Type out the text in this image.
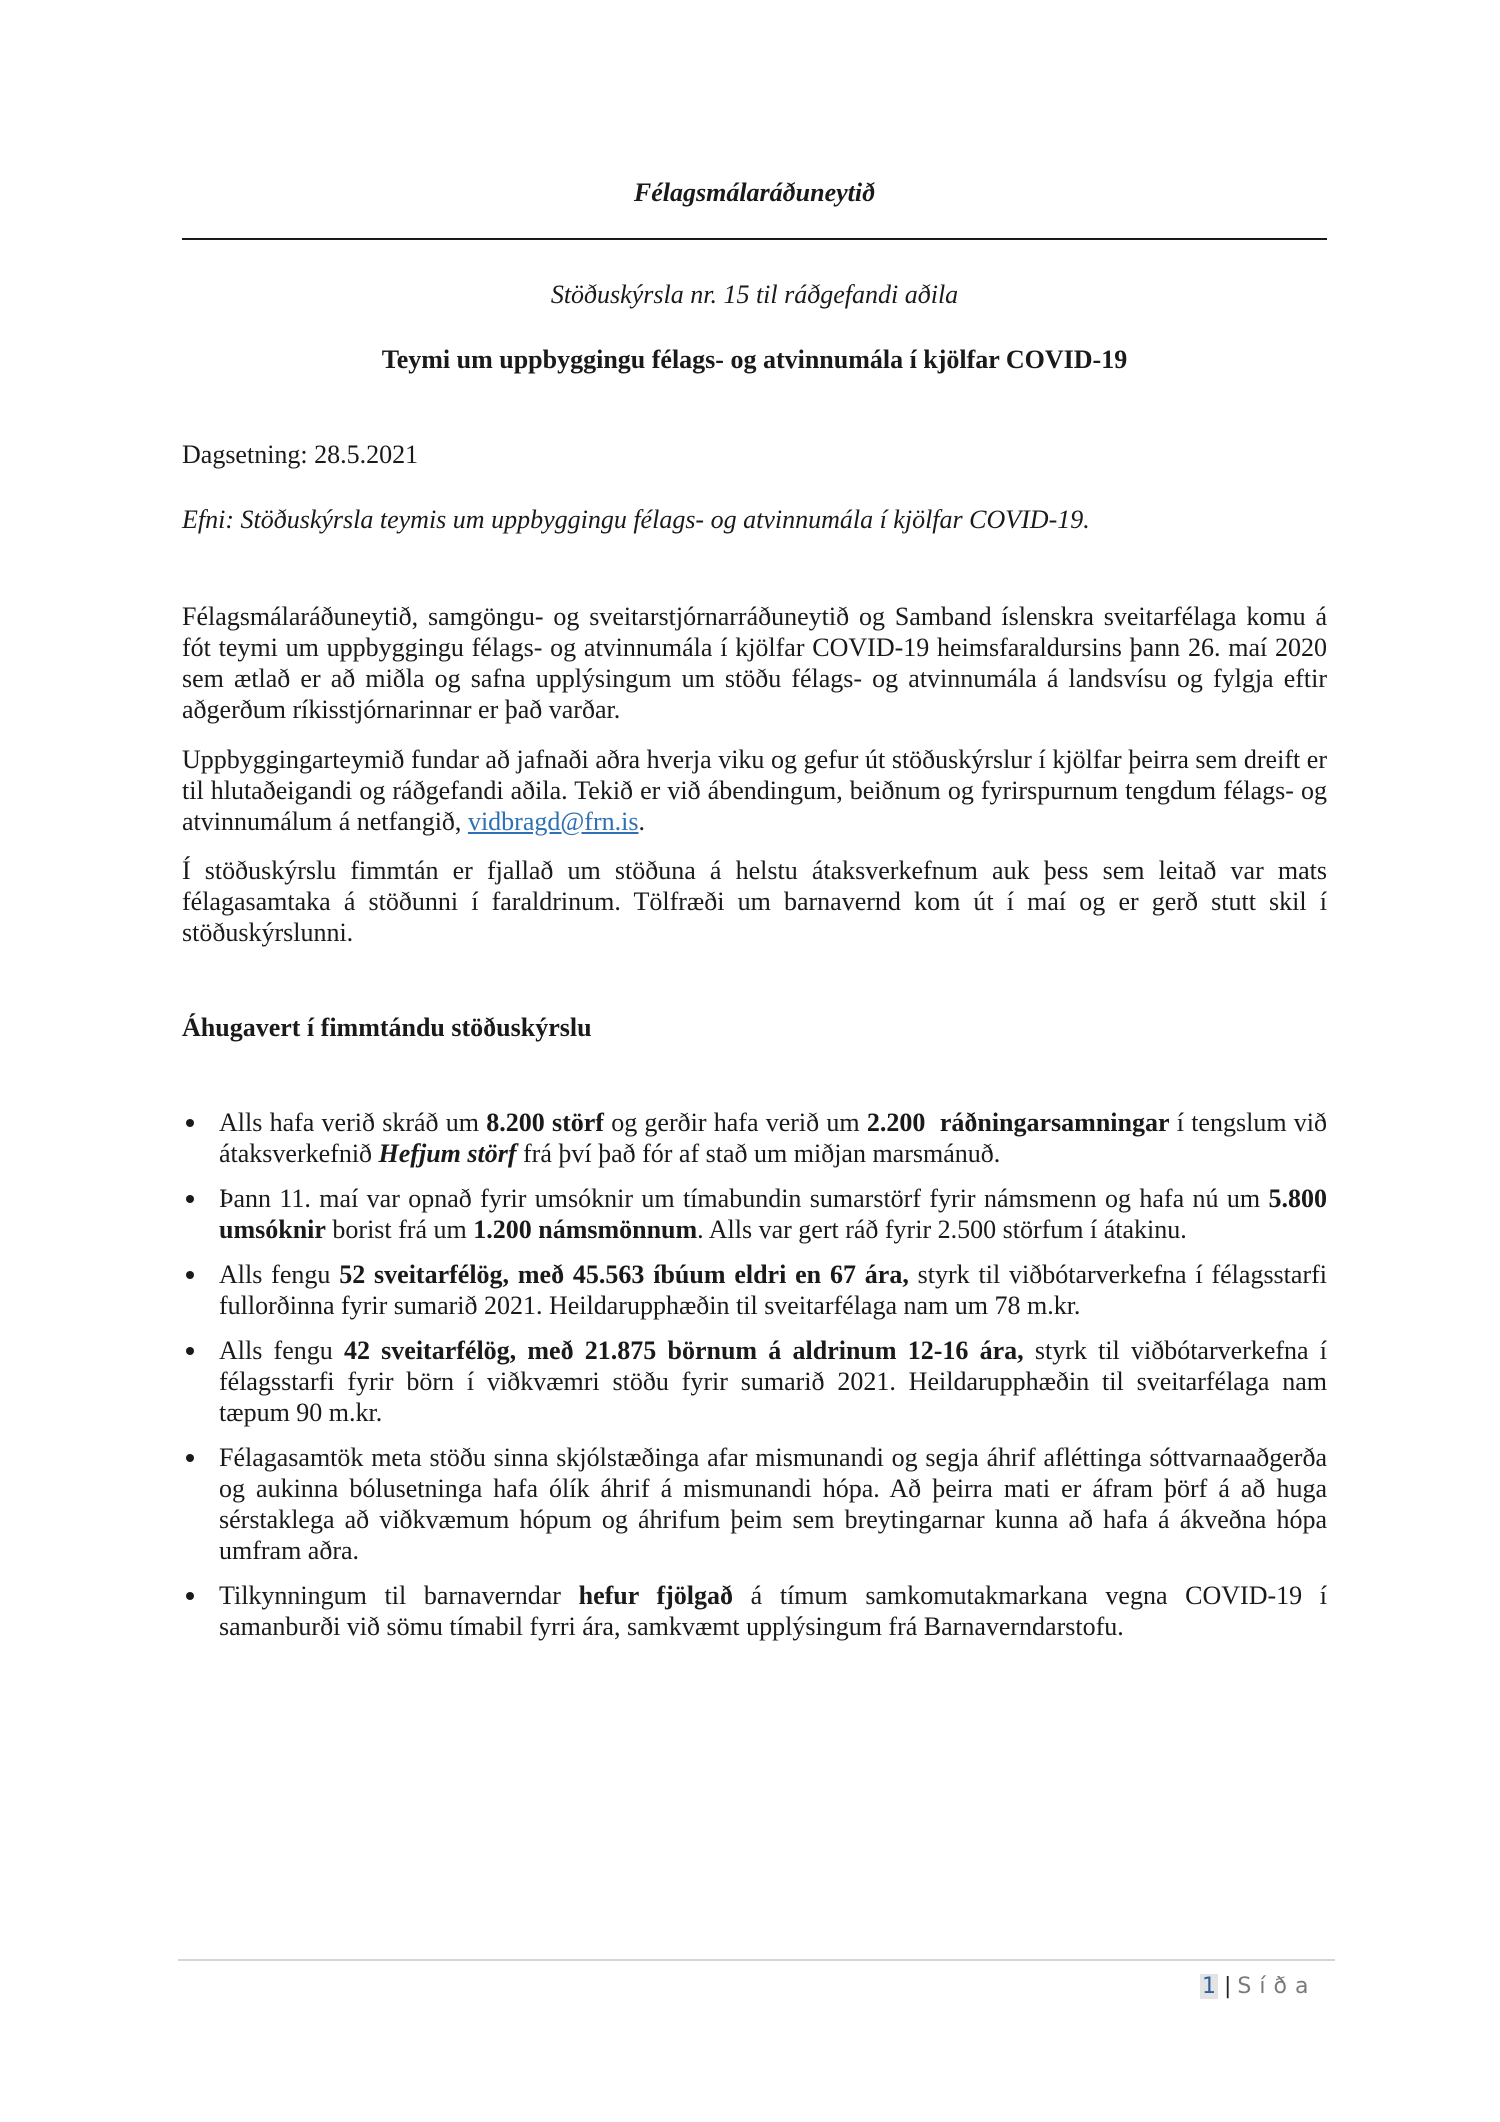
Félagsmálaráðuneytið
Stöðuskýrsla nr. 15 til ráðgefandi aðila
Teymi um uppbyggingu félags- og atvinnumála í kjölfar COVID-19
Dagsetning: 28.5.2021
Efni: Stöðuskýrsla teymis um uppbyggingu félags- og atvinnumála í kjölfar COVID-19.
Félagsmálaráðuneytið, samgöngu- og sveitarstjórnarráðuneytið og Samband íslenskra sveitarfélaga komu á fót teymi um uppbyggingu félags- og atvinnumála í kjölfar COVID-19 heimsfaraldursins þann 26. maí 2020 sem ætlað er að miðla og safna upplýsingum um stöðu félags- og atvinnumála á landsvísu og fylgja eftir aðgerðum ríkisstjórnarinnar er það varðar.
Uppbyggingarteymið fundar að jafnaði aðra hverja viku og gefur út stöðuskýrslur í kjölfar þeirra sem dreift er til hlutaðeigandi og ráðgefandi aðila. Tekið er við ábendingum, beiðnum og fyrirspurnum tengdum félags- og atvinnumálum á netfangið, vidbragd@frn.is.
Í stöðuskýrslu fimmtán er fjallað um stöðuna á helstu átaksverkefnum auk þess sem leitað var mats félagasamtaka á stöðunni í faraldrinum. Tölfræði um barnavernd kom út í maí og er gerð stutt skil í stöðuskýrslunni.
Áhugavert í fimmtándu stöðuskýrslu
Alls hafa verið skráð um 8.200 störf og gerðir hafa verið um 2.200  ráðningarsamningar í tengslum við átaksverkefnið Hefjum störf frá því það fór af stað um miðjan marsmánuð.
Þann 11. maí var opnað fyrir umsóknir um tímabundin sumarstörf fyrir námsmenn og hafa nú um 5.800 umsóknir borist frá um 1.200 námsmönnum. Alls var gert ráð fyrir 2.500 störfum í átakinu.
Alls fengu 52 sveitarfélög, með 45.563 íbúum eldri en 67 ára, styrk til viðbótarverkefna í félagsstarfi fullorðinna fyrir sumarið 2021. Heildarupphæðin til sveitarfélaga nam um 78 m.kr.
Alls fengu 42 sveitarfélög, með 21.875 börnum á aldrinum 12-16 ára, styrk til viðbótarverkefna í félagsstarfi fyrir börn í viðkvæmri stöðu fyrir sumarið 2021. Heildarupphæðin til sveitarfélaga nam tæpum 90 m.kr.
Félagasamtök meta stöðu sinna skjólstæðinga afar mismunandi og segja áhrif afléttinga sóttvarnaaðgerða og aukinna bólusetninga hafa ólík áhrif á mismunandi hópa. Að þeirra mati er áfram þörf á að huga sérstaklega að viðkvæmum hópum og áhrifum þeim sem breytingarnar kunna að hafa á ákveðna hópa umfram aðra.
Tilkynningum til barnaverndar hefur fjölgað á tímum samkomutakmarkana vegna COVID-19 í samanburði við sömu tímabil fyrri ára, samkvæmt upplýsingum frá Barnaverndarstofu.
1 | Síða
